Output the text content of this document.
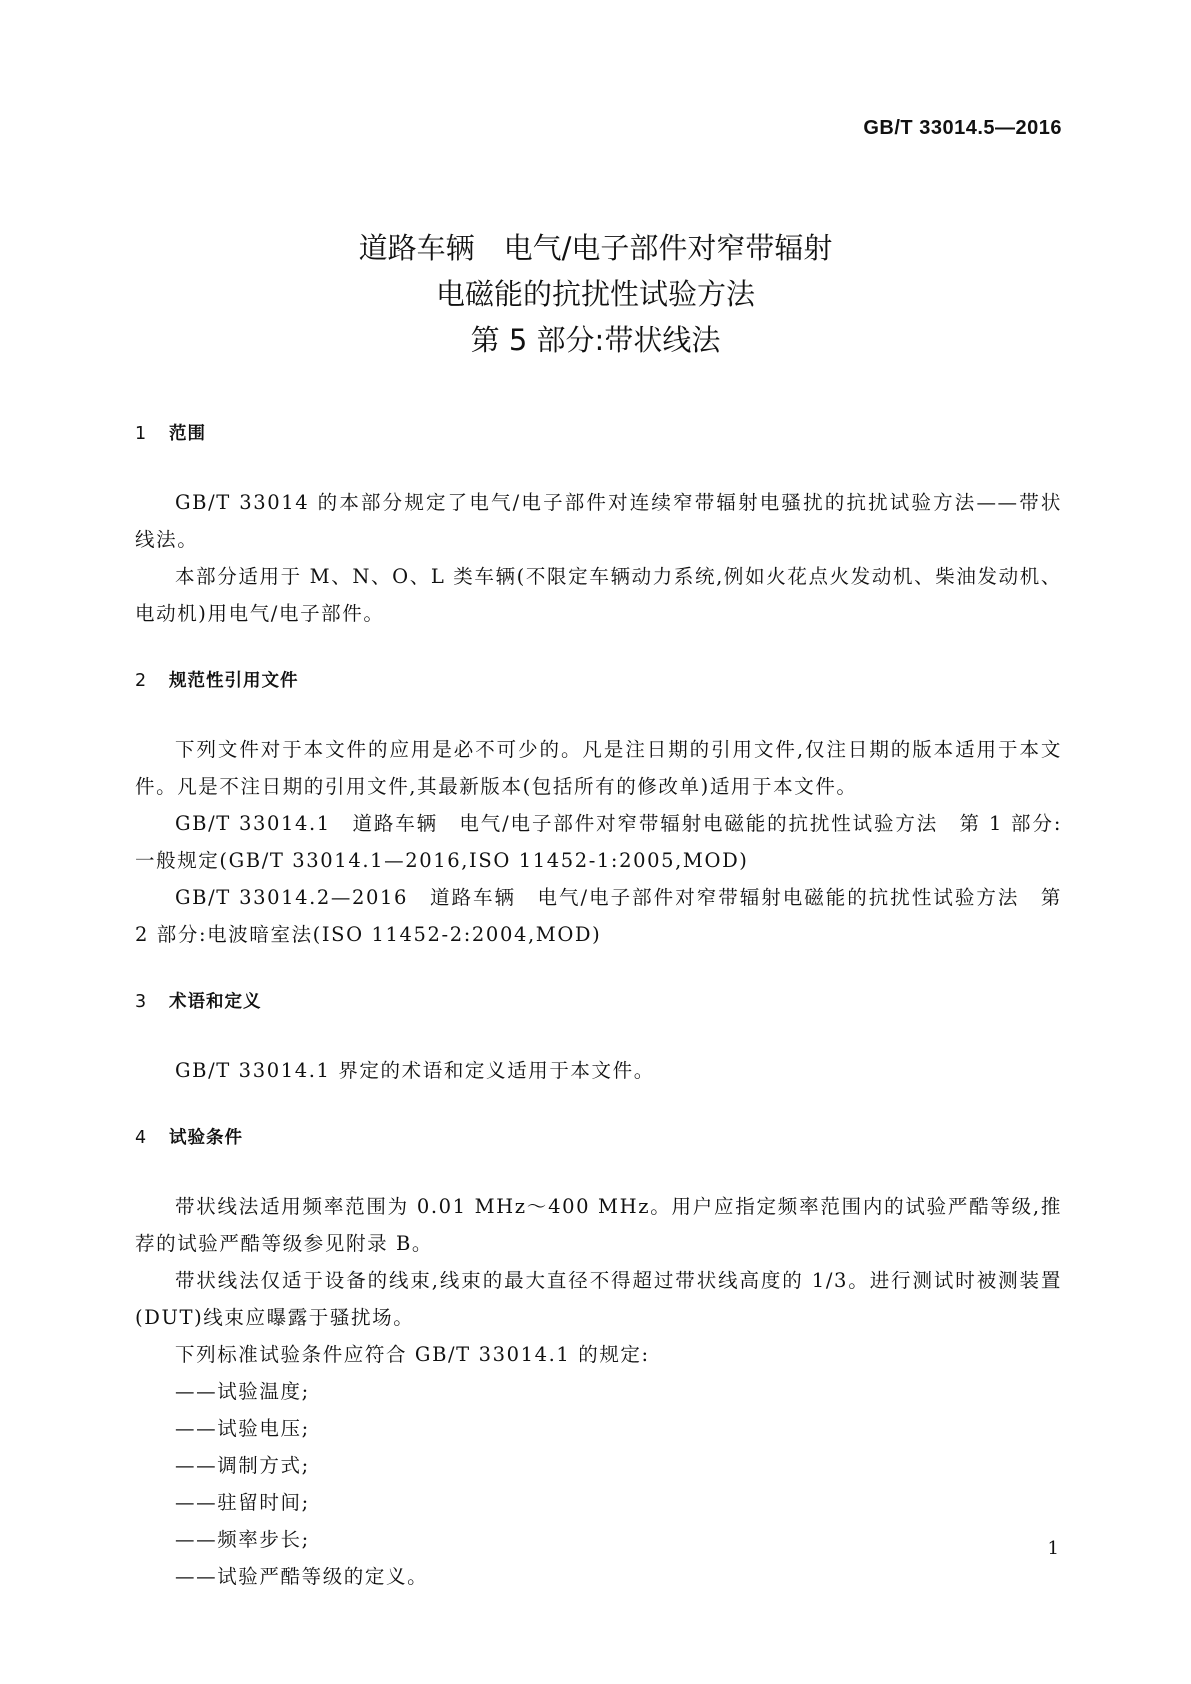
GB/T 33014.5—2016
道路车辆　电气/电子部件对窄带辐射
电磁能的抗扰性试验方法
第 5 部分:带状线法
1 范围
GB/T 33014 的本部分规定了电气/电子部件对连续窄带辐射电骚扰的抗扰试验方法——带状线法。
本部分适用于 M、N、O、L 类车辆(不限定车辆动力系统,例如火花点火发动机、柴油发动机、电动机)用电气/电子部件。
2 规范性引用文件
下列文件对于本文件的应用是必不可少的。凡是注日期的引用文件,仅注日期的版本适用于本文件。凡是不注日期的引用文件,其最新版本(包括所有的修改单)适用于本文件。
GB/T 33014.1　道路车辆　电气/电子部件对窄带辐射电磁能的抗扰性试验方法　第 1 部分:一般规定(GB/T 33014.1—2016,ISO 11452-1:2005,MOD)
GB/T 33014.2—2016　道路车辆　电气/电子部件对窄带辐射电磁能的抗扰性试验方法　第 2 部分:电波暗室法(ISO 11452-2:2004,MOD)
3 术语和定义
GB/T 33014.1 界定的术语和定义适用于本文件。
4 试验条件
带状线法适用频率范围为 0.01 MHz～400 MHz。用户应指定频率范围内的试验严酷等级,推荐的试验严酷等级参见附录 B。
带状线法仅适于设备的线束,线束的最大直径不得超过带状线高度的 1/3。进行测试时被测装置(DUT)线束应曝露于骚扰场。
下列标准试验条件应符合 GB/T 33014.1 的规定:
——试验温度;
——试验电压;
——调制方式;
——驻留时间;
——频率步长;
——试验严酷等级的定义。
1
